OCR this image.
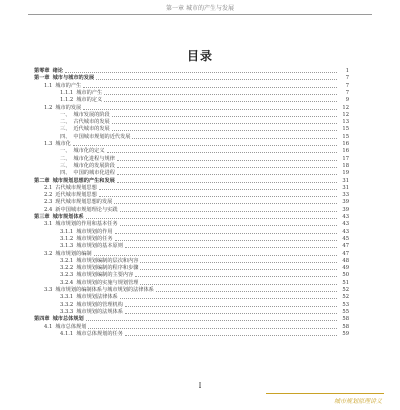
第一章 城市的产生与发展
目录
第零章 绪论	1
第一章 城市与城市的发展	7
1.1 城市的产生	7
1.1.1 城市的产生	7
1.1.2 城市的定义	9
1.2 城市的发展	12
一、 城市发展的阶段	12
二、 古代城市的发展	13
三、 近代城市的发展	15
四、 中国城市规划的近代发展	15
1.3 城市化	16
一、 城市化的定义	16
二、 城市化进程与规律	17
三、 城市化的发展阶段	18
四、 中国的城市化进程	19
第二章 城市规划思想的产生和发展	31
2.1 古代城市规划思想	31
2.2 近代城市规划思想	33
2.3 现代城市规划思想的发展	39
2.4 新中国城市规划理论与实践	39
第三章 城市规划体系	43
3.1 城市规划的作用和基本任务	43
3.1.1 城市规划的作用	43
3.1.2 城市规划的任务	45
3.1.3 城市规划的基本原则	47
3.2 城市规划的编制	47
3.2.1 城市规划编制的层次和内容	48
3.2.2 城市规划编制的程序和步骤	49
3.2.3 城市规划编制的主要内容	50
3.2.4 城市规划的实施与规划管理	51
3.3 城市规划的编制体系与城市规划的法律体系	52
3.3.1 城市规划法律体系	52
3.3.2 城市规划的管理机构	53
3.3.3 城市规划的法规体系	55
第四章 城市总体规划	58
4.1 城市总体规划	58
4.1.1 城市总体规划的任务	59
I
城市规划原理讲义
